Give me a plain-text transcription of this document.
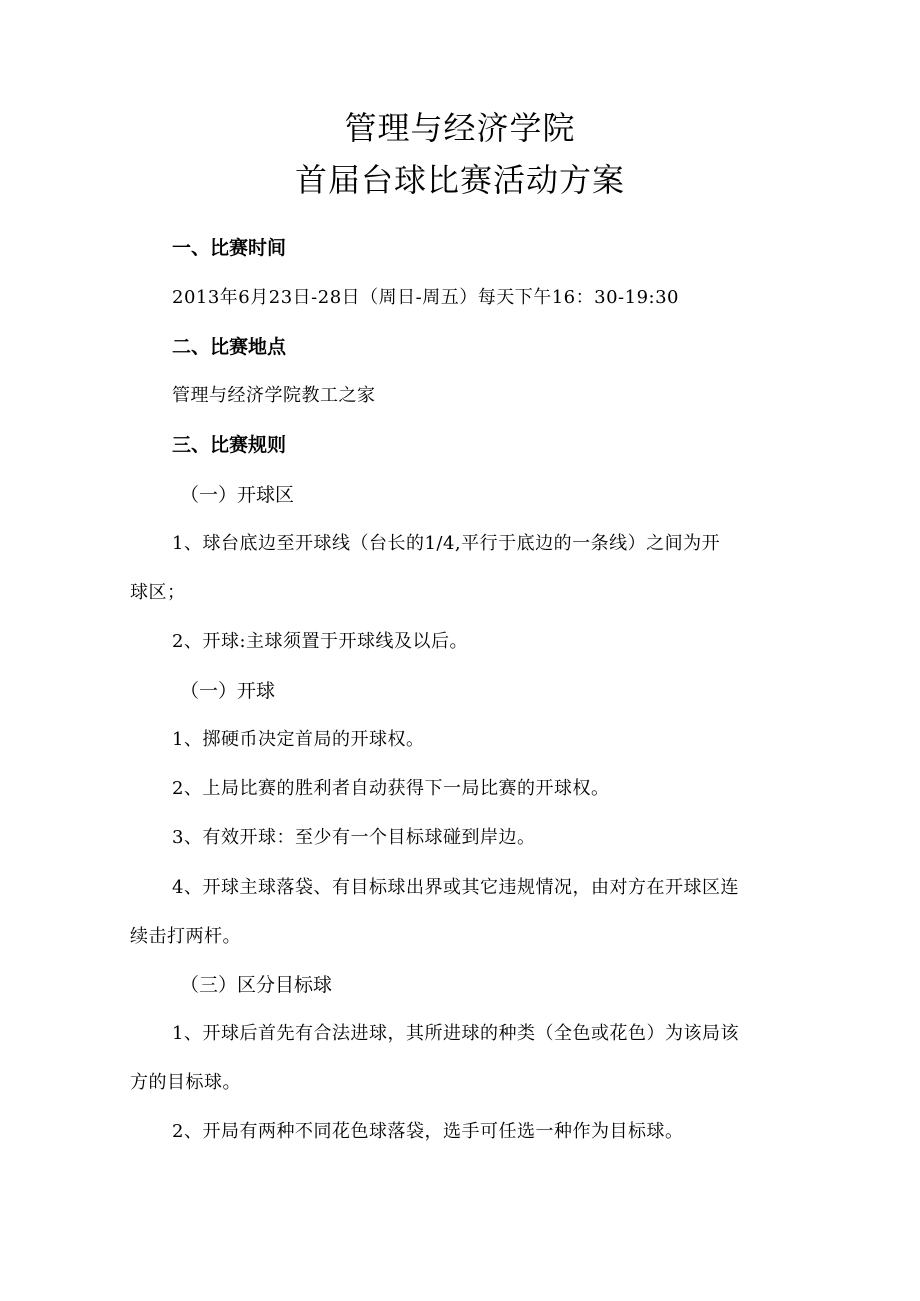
管理与经济学院
首届台球比赛活动方案
一、比赛时间
2013年6月23日-28日（周日-周五）每天下午16：30-19:30
二、比赛地点
管理与经济学院教工之家
三、比赛规则
（一）开球区
1、球台底边至开球线（台长的1/4,平行于底边的一条线）之间为开
球区；
2、开球:主球须置于开球线及以后。
（一）开球
1、掷硬币决定首局的开球权。
2、上局比赛的胜利者自动获得下一局比赛的开球权。
3、有效开球：至少有一个目标球碰到岸边。
4、开球主球落袋、有目标球出界或其它违规情况，由对方在开球区连
续击打两杆。
（三）区分目标球
1、开球后首先有合法进球，其所进球的种类（全色或花色）为该局该
方的目标球。
2、开局有两种不同花色球落袋，选手可任选一种作为目标球。
